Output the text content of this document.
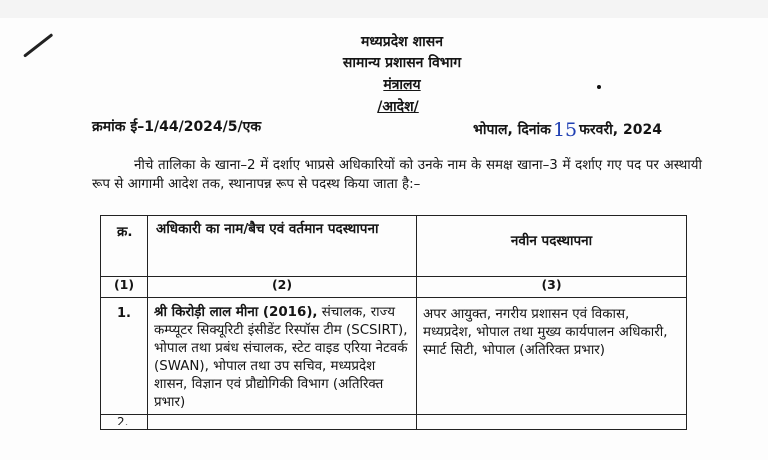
मध्यप्रदेश शासन
सामान्य प्रशासन विभाग
मंत्रालय
/आदेश/
क्रमांक ई–1/44/2024/5/एक	भोपाल, दिनांक 15 फरवरी, 2024
नीचे तालिका के खाना–2 में दर्शाए भाप्रसे अधिकारियों को उनके नाम के समक्ष खाना–3 में दर्शाए गए पद पर अस्थायी रूप से आगामी आदेश तक, स्थानापन्न रूप से पदस्थ किया जाता है:–
क्र.	अधिकारी का नाम/बैच एवं वर्तमान पदस्थापना	नवीन पदस्थापना
(1)	(2)	(3)
1.	श्री किरोड़ी लाल मीना (2016), संचालक, राज्य कम्प्यूटर सिक्यूरिटी इंसीडेंट रिस्पॉस टीम (SCSIRT), भोपाल तथा प्रबंध संचालक, स्टेट वाइड एरिया नेटवर्क (SWAN), भोपाल तथा उप सचिव, मध्यप्रदेश शासन, विज्ञान एवं प्रौद्योगिकी विभाग (अतिरिक्त प्रभार)	अपर आयुक्त, नगरीय प्रशासन एवं विकास, मध्यप्रदेश, भोपाल तथा मुख्य कार्यपालन अधिकारी, स्मार्ट सिटी, भोपाल (अतिरिक्त प्रभार)

2.		
